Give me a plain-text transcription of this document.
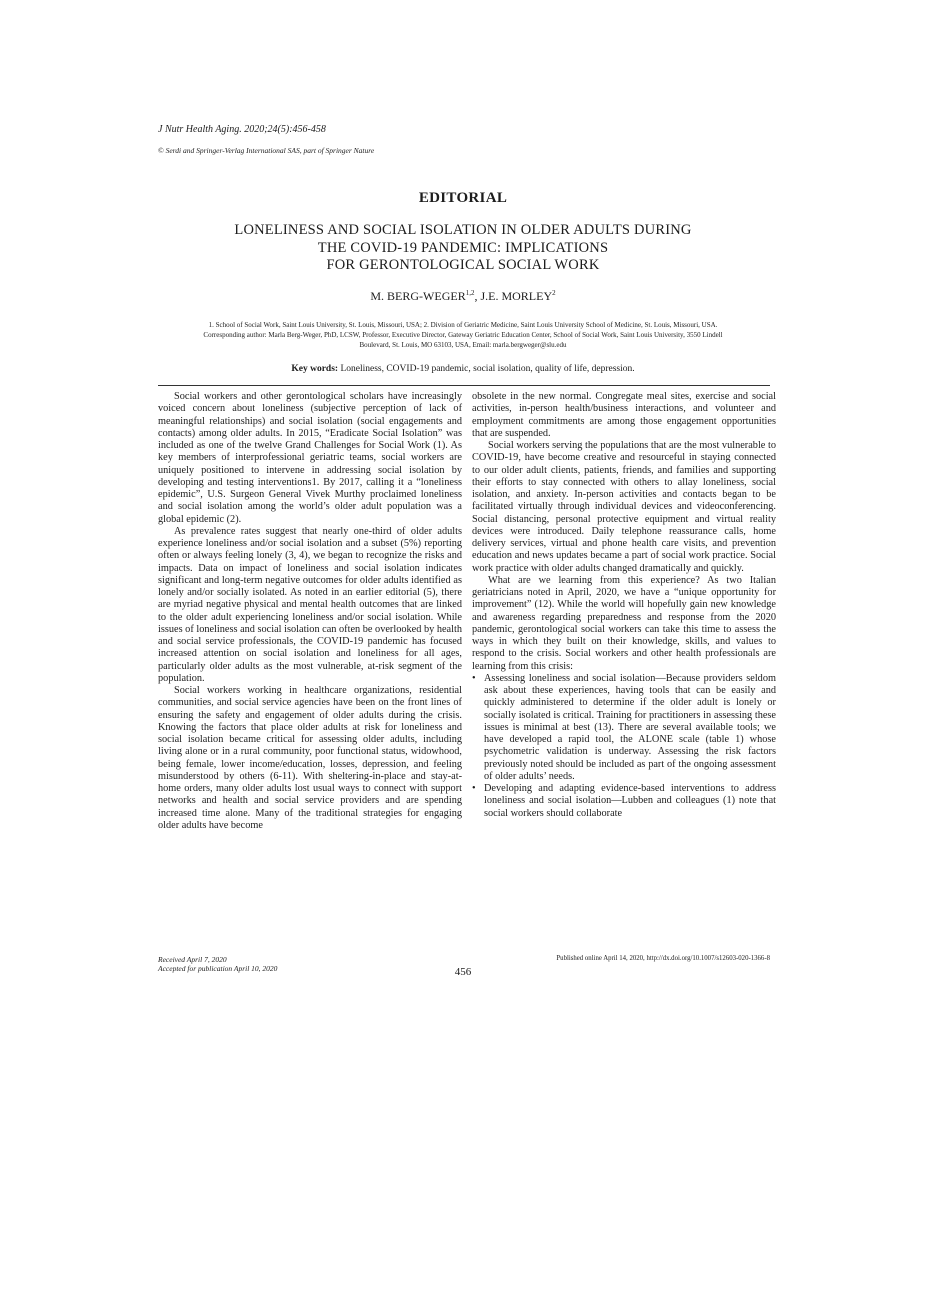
J Nutr Health Aging. 2020;24(5):456-458
© Serdi and Springer-Verlag International SAS, part of Springer Nature
EDITORIAL
LONELINESS AND SOCIAL ISOLATION IN OLDER ADULTS DURING
THE COVID-19 PANDEMIC: IMPLICATIONS
FOR GERONTOLOGICAL SOCIAL WORK
M. BERG-WEGER$^{1,2}$, J.E. MORLEY$^2$
1. School of Social Work, Saint Louis University, St. Louis, Missouri, USA; 2. Division of Geriatric Medicine, Saint Louis University School of Medicine, St. Louis, Missouri, USA.
Corresponding author: Marla Berg-Weger, PhD, LCSW, Professor, Executive Director, Gateway Geriatric Education Center, School of Social Work, Saint Louis University, 3550 Lindell
Boulevard, St. Louis, MO 63103, USA, Email: marla.bergweger@slu.edu
Key words: Loneliness, COVID-19 pandemic, social isolation, quality of life, depression.

Social workers and other gerontological scholars have increasingly voiced concern about loneliness (subjective perception of lack of meaningful relationships) and social isolation (social engagements and contacts) among older adults. In 2015, “Eradicate Social Isolation” was included as one of the twelve Grand Challenges for Social Work (1). As key members of interprofessional geriatric teams, social workers are uniquely positioned to intervene in addressing social isolation by developing and testing interventions1. By 2017, calling it a “loneliness epidemic”, U.S. Surgeon General Vivek Murthy proclaimed loneliness and social isolation among the world’s older adult population was a global epidemic (2).

As prevalence rates suggest that nearly one-third of older adults experience loneliness and/or social isolation and a subset (5%) reporting often or always feeling lonely (3, 4), we began to recognize the risks and impacts. Data on impact of loneliness and social isolation indicates significant and long-term negative outcomes for older adults identified as lonely and/or socially isolated. As noted in an earlier editorial (5), there are myriad negative physical and mental health outcomes that are linked to the older adult experiencing loneliness and/or social isolation. While issues of loneliness and social isolation can often be overlooked by health and social service professionals, the COVID-19 pandemic has focused increased attention on social isolation and loneliness for all ages, particularly older adults as the most vulnerable, at-risk segment of the population.

Social workers working in healthcare organizations, residential communities, and social service agencies have been on the front lines of ensuring the safety and engagement of older adults during the crisis. Knowing the factors that place older adults at risk for loneliness and social isolation became critical for assessing older adults, including living alone or in a rural community, poor functional status, widowhood, being female, lower income/education, losses, depression, and feeling misunderstood by others (6-11). With sheltering-in-place and stay-at-home orders, many older adults lost usual ways to connect with support networks and health and social service providers and are spending increased time alone. Many of the traditional strategies for engaging older adults have become

obsolete in the new normal. Congregate meal sites, exercise and social activities, in-person health/business interactions, and volunteer and employment commitments are among those engagement opportunities that are suspended.

Social workers serving the populations that are the most vulnerable to COVID-19, have become creative and resourceful in staying connected to our older adult clients, patients, friends, and families and supporting their efforts to stay connected with others to allay loneliness, social isolation, and anxiety. In-person activities and contacts began to be facilitated virtually through individual devices and videoconferencing. Social distancing, personal protective equipment and virtual reality devices were introduced. Daily telephone reassurance calls, home delivery services, virtual and phone health care visits, and prevention education and news updates became a part of social work practice. Social work practice with older adults changed dramatically and quickly.

What are we learning from this experience? As two Italian geriatricians noted in April, 2020, we have a “unique opportunity for improvement” (12). While the world will hopefully gain new knowledge and awareness regarding preparedness and response from the 2020 pandemic, gerontological social workers can take this time to assess the ways in which they built on their knowledge, skills, and values to respond to the crisis. Social workers and other health professionals are learning from this crisis:

• Assessing loneliness and social isolation—Because providers seldom ask about these experiences, having tools that can be easily and quickly administered to determine if the older adult is lonely or socially isolated is critical. Training for practitioners in assessing these issues is minimal at best (13). There are several available tools; we have developed a rapid tool, the ALONE scale (table 1) whose psychometric validation is underway. Assessing the risk factors previously noted should be included as part of the ongoing assessment of older adults’ needs.
• Developing and adapting evidence-based interventions to address loneliness and social isolation—Lubben and colleagues (1) note that social workers should collaborate
Received April 7, 2020
Accepted for publication April 10, 2020
Published online April 14, 2020, http://dx.doi.org/10.1007/s12603-020-1366-8
456
